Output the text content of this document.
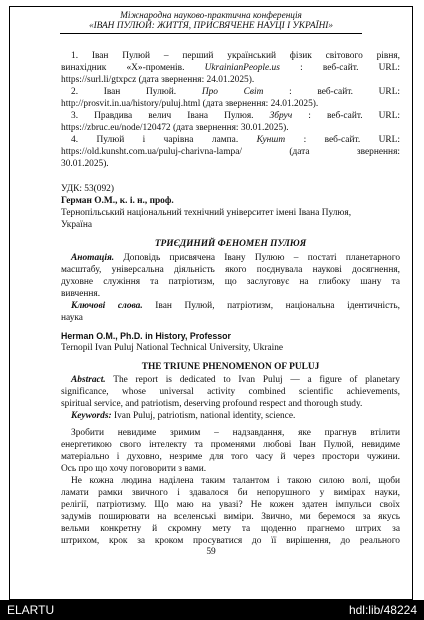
Міжнародна науково-практична конференція
«ІВАН ПУЛЮЙ: ЖИТТЯ, ПРИСВЯЧЕНЕ НАУЦІ І УКРАЇНІ»
1. Іван Пулюй – перший український фізик світового рівня,
винахідник «Х»-променів. UkrainianPeople.us : веб-сайт. URL:
https://surl.li/gtxpcz (дата звернення: 24.01.2025).
2. Іван Пулюй.	Про Світ	: веб-сайт. URL:
http://prosvit.in.ua/history/puluj.html (дата звернення: 24.01.2025).
3. Правдива велич Івана Пулюя. Збруч : веб-сайт. URL:
https://zbruc.eu/node/120472 (дата звернення: 30.01.2025).
4. Пулюй і чарівна лампа. Куншт : веб-сайт. URL:
https://old.kunsht.com.ua/puluj-charivna-lampa/	(дата звернення:
30.01.2025).
УДК: 53(092)
Герман О.М., к. і. н., проф.
Тернопільський національний технічний університет імені Івана Пулюя,
Україна
ТРИЄДИНИЙ ФЕНОМЕН ПУЛЮЯ
Анотація. Доповідь присвячена Івану Пулюю – постаті планетарного
масштабу, універсальна діяльність якого поєднувала наукові досягнення,
духовне служіння та патріотизм, що заслуговує на глибоку шану та
вивчення.
Ключові слова. Іван Пулюй, патріотизм, національна ідентичність,
наука
Herman O.M., Ph.D. in History, Professor
Ternopil Ivan Puluj National Technical University, Ukraine
THE TRIUNE PHENOMENON OF PULUJ
Abstract. The report is dedicated to Ivan Puluj — a figure of planetary
significance, whose universal activity combined scientific achievements,
spiritual service, and patriotism, deserving profound respect and thorough study.
Keywords: Ivan Puluj, patriotism, national identity, science.
Зробити невидиме зримим – надзавдання, яке прагнув втілити
енергетикою свого інтелекту та променями любові Іван Пулюй, невидиме
матеріально і духовно, незриме для того часу й через простори чужини.
Ось про що хочу поговорити з вами.
Не кожна людина наділена таким талантом і такою силою волі, щоби
ламати рамки звичного і здавалося би непорушного у вимірах науки,
релігії, патріотизму. Що маю на увазі? Не кожен здатен імпульси своїх
задумів поширювати на вселенські виміри. Звично, ми беремося за якусь
вельми конкретну й скромну мету та щоденно прагнемо штрих за
штрихом, крок за кроком просуватися до її вирішення, до реального
59
ELARTU	hdl:lib/48224
